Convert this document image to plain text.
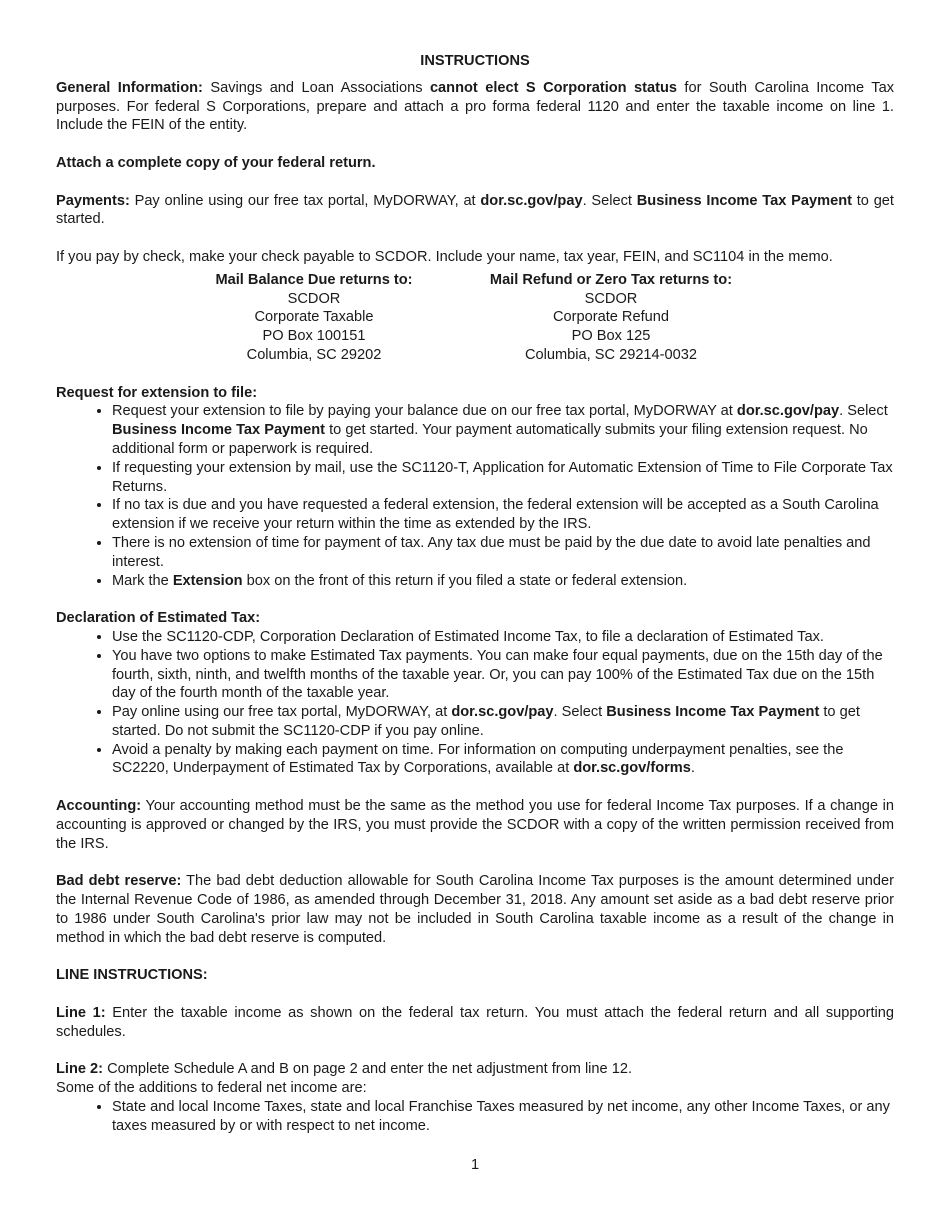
INSTRUCTIONS

General Information: Savings and Loan Associations cannot elect S Corporation status for South Carolina Income Tax purposes. For federal S Corporations, prepare and attach a pro forma federal 1120 and enter the taxable income on line 1. Include the FEIN of the entity.

Attach a complete copy of your federal return.

Payments: Pay online using our free tax portal, MyDORWAY, at dor.sc.gov/pay. Select Business Income Tax Payment to get started.

If you pay by check, make your check payable to SCDOR. Include your name, tax year, FEIN, and SC1104 in the memo.

Mail Balance Due returns to:
SCDOR
Corporate Taxable
PO Box 100151
Columbia, SC 29202
Mail Refund or Zero Tax returns to:
SCDOR
Corporate Refund
PO Box 125
Columbia, SC 29214-0032
Request for extension to file:
• Request your extension to file by paying your balance due on our free tax portal, MyDORWAY at dor.sc.gov/pay. Select Business Income Tax Payment to get started. Your payment automatically submits your filing extension request. No additional form or paperwork is required.
• If requesting your extension by mail, use the SC1120-T, Application for Automatic Extension of Time to File Corporate Tax Returns.
• If no tax is due and you have requested a federal extension, the federal extension will be accepted as a South Carolina extension if we receive your return within the time as extended by the IRS.
• There is no extension of time for payment of tax. Any tax due must be paid by the due date to avoid late penalties and interest.
• Mark the Extension box on the front of this return if you filed a state or federal extension.
Declaration of Estimated Tax:
• Use the SC1120-CDP, Corporation Declaration of Estimated Income Tax, to file a declaration of Estimated Tax.
• You have two options to make Estimated Tax payments. You can make four equal payments, due on the 15th day of the fourth, sixth, ninth, and twelfth months of the taxable year. Or, you can pay 100% of the Estimated Tax due on the 15th day of the fourth month of the taxable year.
• Pay online using our free tax portal, MyDORWAY, at dor.sc.gov/pay. Select Business Income Tax Payment to get started. Do not submit the SC1120-CDP if you pay online.
• Avoid a penalty by making each payment on time. For information on computing underpayment penalties, see the SC2220, Underpayment of Estimated Tax by Corporations, available at dor.sc.gov/forms.

Accounting: Your accounting method must be the same as the method you use for federal Income Tax purposes. If a change in accounting is approved or changed by the IRS, you must provide the SCDOR with a copy of the written permission received from the IRS.

Bad debt reserve: The bad debt deduction allowable for South Carolina Income Tax purposes is the amount determined under the Internal Revenue Code of 1986, as amended through December 31, 2018. Any amount set aside as a bad debt reserve prior to 1986 under South Carolina's prior law may not be included in South Carolina taxable income as a result of the change in method in which the bad debt reserve is computed.

LINE INSTRUCTIONS:

Line 1: Enter the taxable income as shown on the federal tax return. You must attach the federal return and all supporting schedules.

Line 2: Complete Schedule A and B on page 2 and enter the net adjustment from line 12.

Some of the additions to federal net income are:

• State and local Income Taxes, state and local Franchise Taxes measured by net income, any other Income Taxes, or any taxes measured by or with respect to net income.
1
